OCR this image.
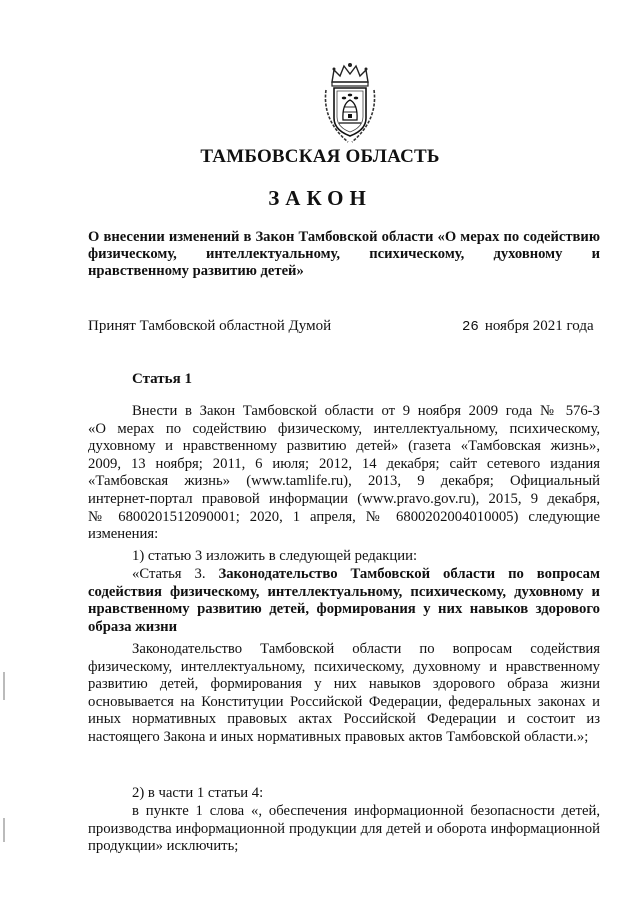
ТАМБОВСКАЯ ОБЛАСТЬ
ЗАКОН
О внесении изменений в Закон Тамбовской области «О мерах по содействию физическому, интеллектуальному, психическому, духовному и нравственному развитию детей»
Принят Тамбовской областной Думой	26 ноября 2021 года
Статья 1
Внести в Закон Тамбовской области от 9 ноября 2009 года № 576-З
«О мерах по содействию физическому, интеллектуальному, психическому,
духовному и нравственному развитию детей» (газета «Тамбовская жизнь»,
2009, 13 ноября; 2011, 6 июля; 2012, 14 декабря; сайт сетевого издания
«Тамбовская жизнь» (www.tamlife.ru), 2013, 9 декабря; Официальный
интернет-портал правовой информации (www.pravo.gov.ru), 2015, 9 декабря,
№ 6800201512090001; 2020, 1 апреля, № 6800202004010005) следующие
изменения:
1) статью 3 изложить в следующей редакции:
«Статья 3. Законодательство Тамбовской области по вопросам содействия физическому, интеллектуальному, психическому, духовному и нравственному развитию детей, формирования у них навыков здорового образа жизни
Законодательство Тамбовской области по вопросам содействия физическому, интеллектуальному, психическому, духовному и нравственному развитию детей, формирования у них навыков здорового образа жизни основывается на Конституции Российской Федерации, федеральных законах и иных нормативных правовых актах Российской Федерации и состоит из настоящего Закона и иных нормативных правовых актов Тамбовской области.»;
2) в части 1 статьи 4:
в пункте 1 слова «, обеспечения информационной безопасности детей, производства информационной продукции для детей и оборота информационной продукции» исключить;
